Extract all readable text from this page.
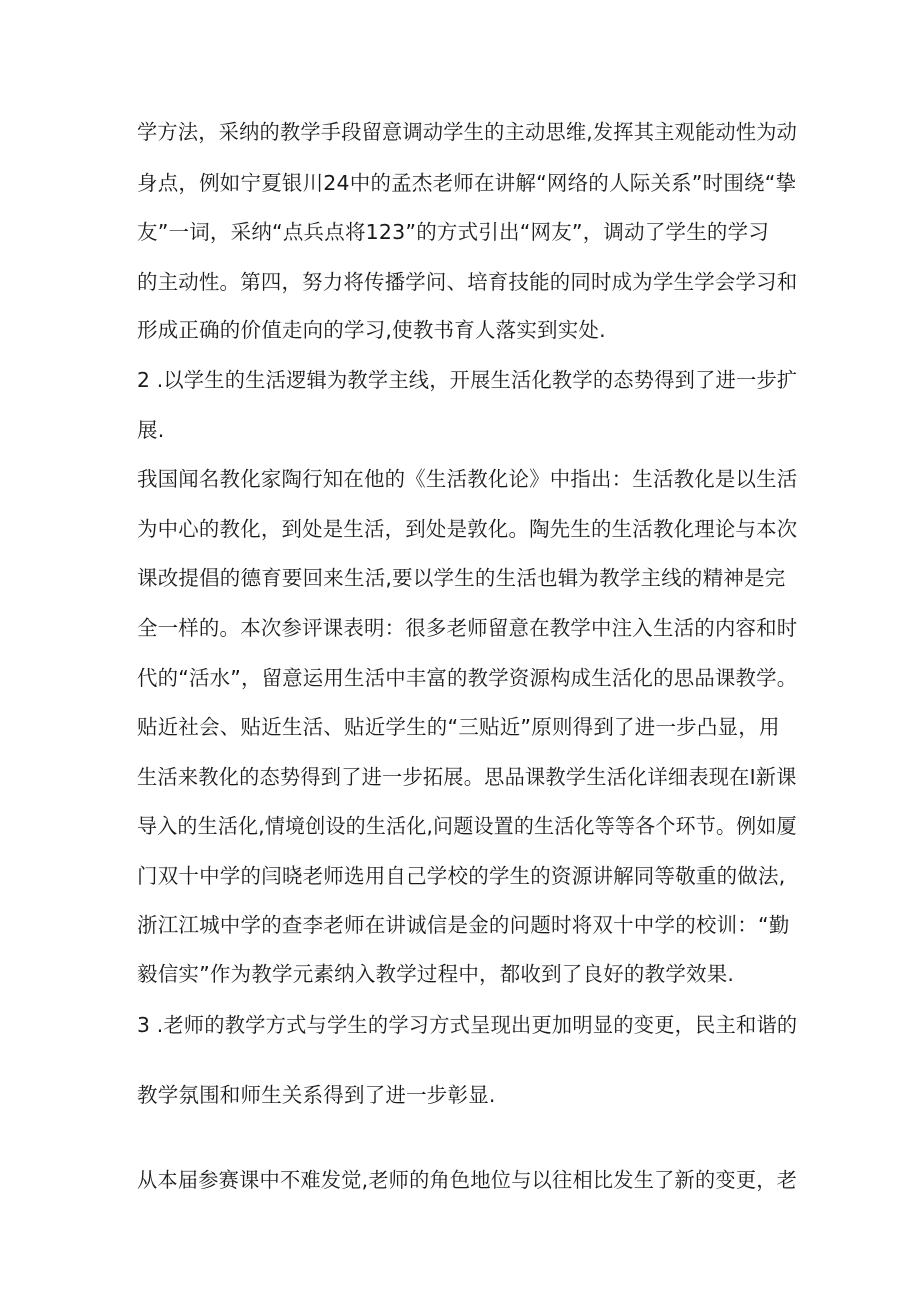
学方法，采纳的教学手段留意调动学生的主动思维,发挥其主观能动性为动
身点，例如宁夏银川24中的孟杰老师在讲解“网络的人际关系”时围绕“挚
友”一词，采纳“点兵点将123”的方式引出“网友”，调动了学生的学习
的主动性。第四，努力将传播学问、培育技能的同时成为学生学会学习和
形成正确的价值走向的学习,使教书育人落实到实处.
2 .以学生的生活逻辑为教学主线，开展生活化教学的态势得到了进一步扩
展.
我国闻名教化家陶行知在他的《生活教化论》中指出：生活教化是以生活
为中心的教化，到处是生活，到处是敦化。陶先生的生活教化理论与本次
课改提倡的德育要回来生活,要以学生的生活也辑为教学主线的精神是完
全一样的。本次参评课表明：很多老师留意在教学中注入生活的内容和时
代的“活水”，留意运用生活中丰富的教学资源构成生活化的思品课教学。
贴近社会、贴近生活、贴近学生的“三贴近”原则得到了进一步凸显，用
生活来教化的态势得到了进一步拓展。思品课教学生活化详细表现在I新课
导入的生活化,情境创设的生活化,问题设置的生活化等等各个环节。例如厦
门双十中学的闫晓老师选用自己学校的学生的资源讲解同等敬重的做法,
浙江江城中学的查李老师在讲诚信是金的问题时将双十中学的校训：“勤
毅信实”作为教学元素纳入教学过程中，都收到了良好的教学效果.
3 .老师的教学方式与学生的学习方式呈现出更加明显的变更，民主和谐的
教学氛围和师生关系得到了进一步彰显.
从本届参赛课中不难发觉,老师的角色地位与以往相比发生了新的变更，老
